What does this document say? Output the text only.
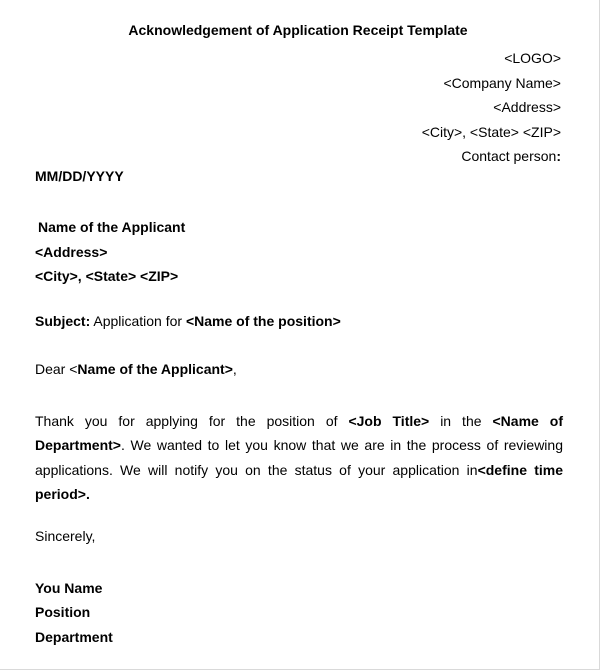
Acknowledgement of Application Receipt Template
<LOGO>
<Company Name>
<Address>
<City>, <State> <ZIP>
Contact person:
MM/DD/YYYY
Name of the Applicant
<Address>
<City>, <State> <ZIP>
Subject: Application for <Name of the position>
Dear <Name of the Applicant>,
Thank you for applying for the position of <Job Title> in the <Name of Department>. We wanted to let you know that we are in the process of reviewing applications. We will notify you on the status of your application in<define time period>.
Sincerely,
You Name
Position
Department
